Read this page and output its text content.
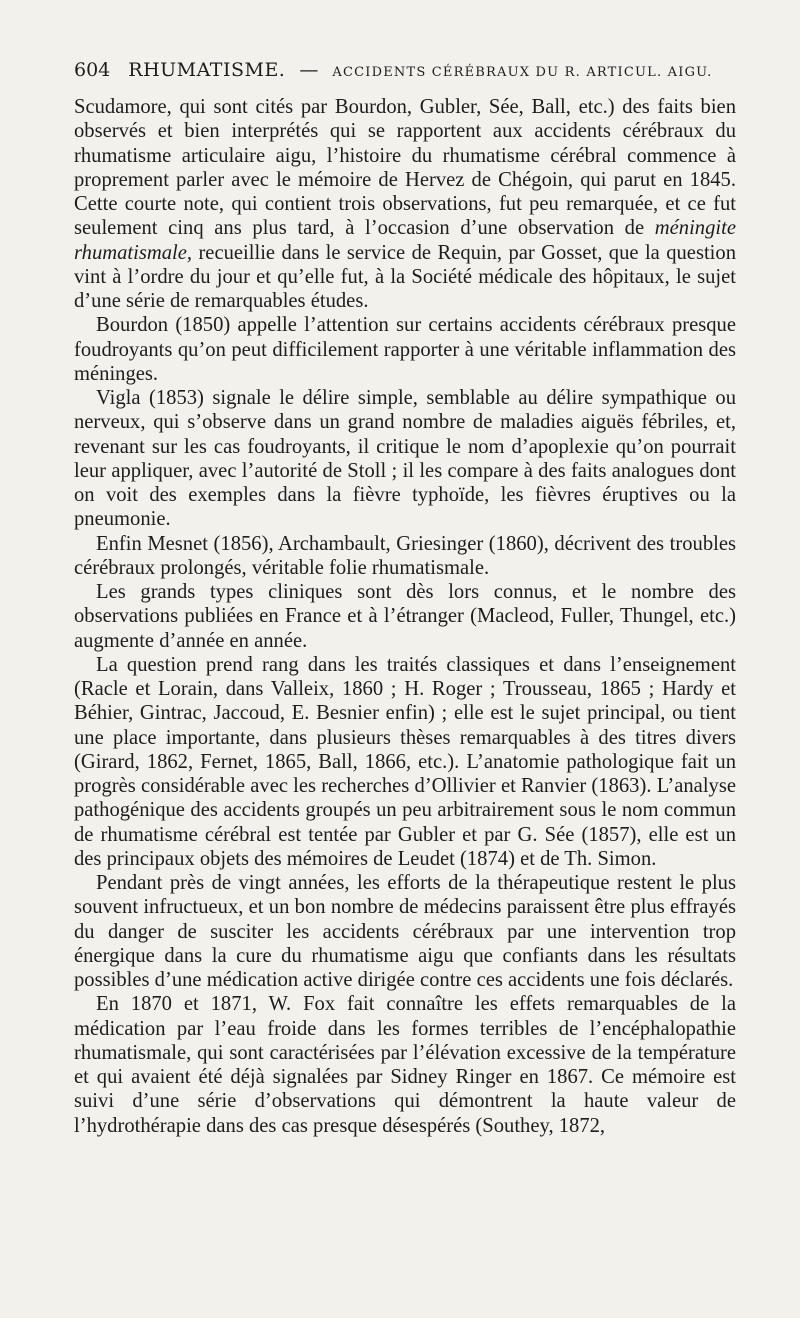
604 RHUMATISME. — ACCIDENTS CÉRÉBRAUX DU R. ARTICUL. AIGU.

Scudamore, qui sont cités par Bourdon, Gubler, Sée, Ball, etc.) des faits bien observés et bien interprétés qui se rapportent aux accidents cérébraux du rhumatisme articulaire aigu, l’histoire du rhumatisme cérébral commence à proprement parler avec le mémoire de Hervez de Chégoin, qui parut en 1845. Cette courte note, qui contient trois observations, fut peu remarquée, et ce fut seulement cinq ans plus tard, à l’occasion d’une observation de méningite rhumatismale, recueillie dans le service de Requin, par Gosset, que la question vint à l’ordre du jour et qu’elle fut, à la Société médicale des hôpitaux, le sujet d’une série de remarquables études.

Bourdon (1850) appelle l’attention sur certains accidents cérébraux presque foudroyants qu’on peut difficilement rapporter à une véritable inflammation des méninges.

Vigla (1853) signale le délire simple, semblable au délire sympathique ou nerveux, qui s’observe dans un grand nombre de maladies aiguës fébriles, et, revenant sur les cas foudroyants, il critique le nom d’apoplexie qu’on pourrait leur appliquer, avec l’autorité de Stoll ; il les compare à des faits analogues dont on voit des exemples dans la fièvre typhoïde, les fièvres éruptives ou la pneumonie.

Enfin Mesnet (1856), Archambault, Griesinger (1860), décrivent des troubles cérébraux prolongés, véritable folie rhumatismale.

Les grands types cliniques sont dès lors connus, et le nombre des observations publiées en France et à l’étranger (Macleod, Fuller, Thungel, etc.) augmente d’année en année.

La question prend rang dans les traités classiques et dans l’enseignement (Racle et Lorain, dans Valleix, 1860 ; H. Roger ; Trousseau, 1865 ; Hardy et Béhier, Gintrac, Jaccoud, E. Besnier enfin) ; elle est le sujet principal, ou tient une place importante, dans plusieurs thèses remarquables à des titres divers (Girard, 1862, Fernet, 1865, Ball, 1866, etc.). L’anatomie pathologique fait un progrès considérable avec les recherches d’Ollivier et Ranvier (1863). L’analyse pathogénique des accidents groupés un peu arbitrairement sous le nom commun de rhumatisme cérébral est tentée par Gubler et par G. Sée (1857), elle est un des principaux objets des mémoires de Leudet (1874) et de Th. Simon.

Pendant près de vingt années, les efforts de la thérapeutique restent le plus souvent infructueux, et un bon nombre de médecins paraissent être plus effrayés du danger de susciter les accidents cérébraux par une intervention trop énergique dans la cure du rhumatisme aigu que confiants dans les résultats possibles d’une médication active dirigée contre ces accidents une fois déclarés.

En 1870 et 1871, W. Fox fait connaître les effets remarquables de la médication par l’eau froide dans les formes terribles de l’encéphalopathie rhumatismale, qui sont caractérisées par l’élévation excessive de la température et qui avaient été déjà signalées par Sidney Ringer en 1867. Ce mémoire est suivi d’une série d’observations qui démontrent la haute valeur de l’hydrothérapie dans des cas presque désespérés (Southey, 1872,
